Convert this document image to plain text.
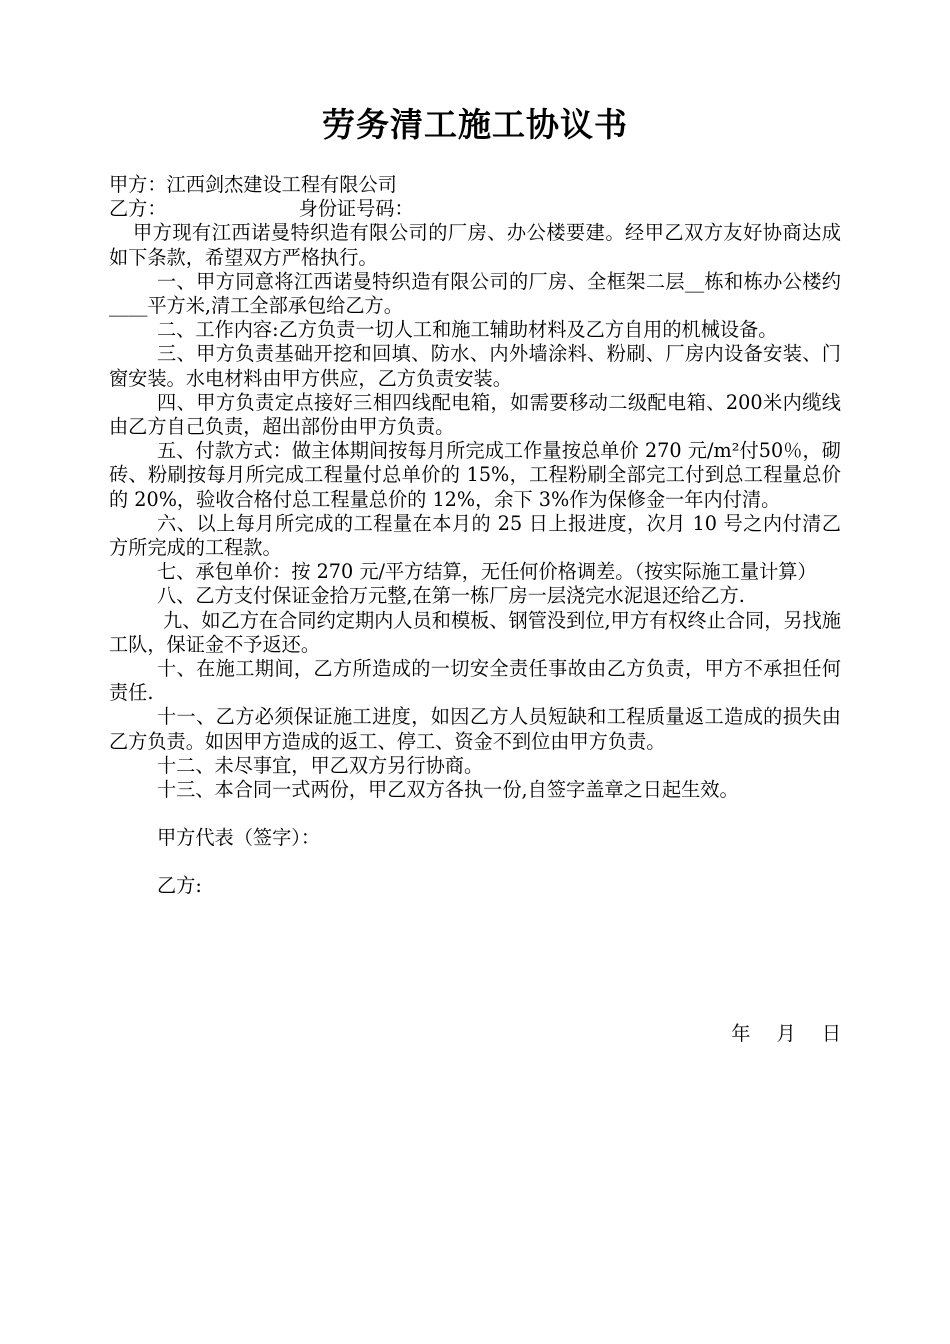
劳务清工施工协议书
甲方：江西剑杰建设工程有限公司
乙方：	身份证号码：

甲方现有江西诺曼特织造有限公司的厂房、办公楼要建。经甲乙双方友好协商达成如下条款，希望双方严格执行。

一、甲方同意将江西诺曼特织造有限公司的厂房、全框架二层__栋和栋办公楼约____平方米,清工全部承包给乙方。

二、工作内容:乙方负责一切人工和施工辅助材料及乙方自用的机械设备。

三、甲方负责基础开挖和回填、防水、内外墙涂料、粉刷、厂房内设备安装、门窗安装。水电材料由甲方供应，乙方负责安装。

四、甲方负责定点接好三相四线配电箱，如需要移动二级配电箱、200米内缆线由乙方自己负责，超出部份由甲方负责。

五、付款方式：做主体期间按每月所完成工作量按总单价 270 元/m²付50％，砌砖、粉刷按每月所完成工程量付总单价的 15%，工程粉刷全部完工付到总工程量总价的 20%，验收合格付总工程量总价的 12%，余下 3%作为保修金一年内付清。

六、以上每月所完成的工程量在本月的 25 日上报进度，次月 10 号之内付清乙方所完成的工程款。

七、承包单价：按 270 元/平方结算，无任何价格调差。（按实际施工量计算）

八、乙方支付保证金拾万元整,在第一栋厂房一层浇完水泥退还给乙方.

九、如乙方在合同约定期内人员和模板、钢管没到位,甲方有权终止合同，另找施工队，保证金不予返还。

十、在施工期间，乙方所造成的一切安全责任事故由乙方负责，甲方不承担任何责任.

十一、乙方必须保证施工进度，如因乙方人员短缺和工程质量返工造成的损失由乙方负责。如因甲方造成的返工、停工、资金不到位由甲方负责。

十二、未尽事宜，甲乙双方另行协商。

十三、本合同一式两份，甲乙双方各执一份,自签字盖章之日起生效。

甲方代表（签字）：

乙方:

年 月 日
